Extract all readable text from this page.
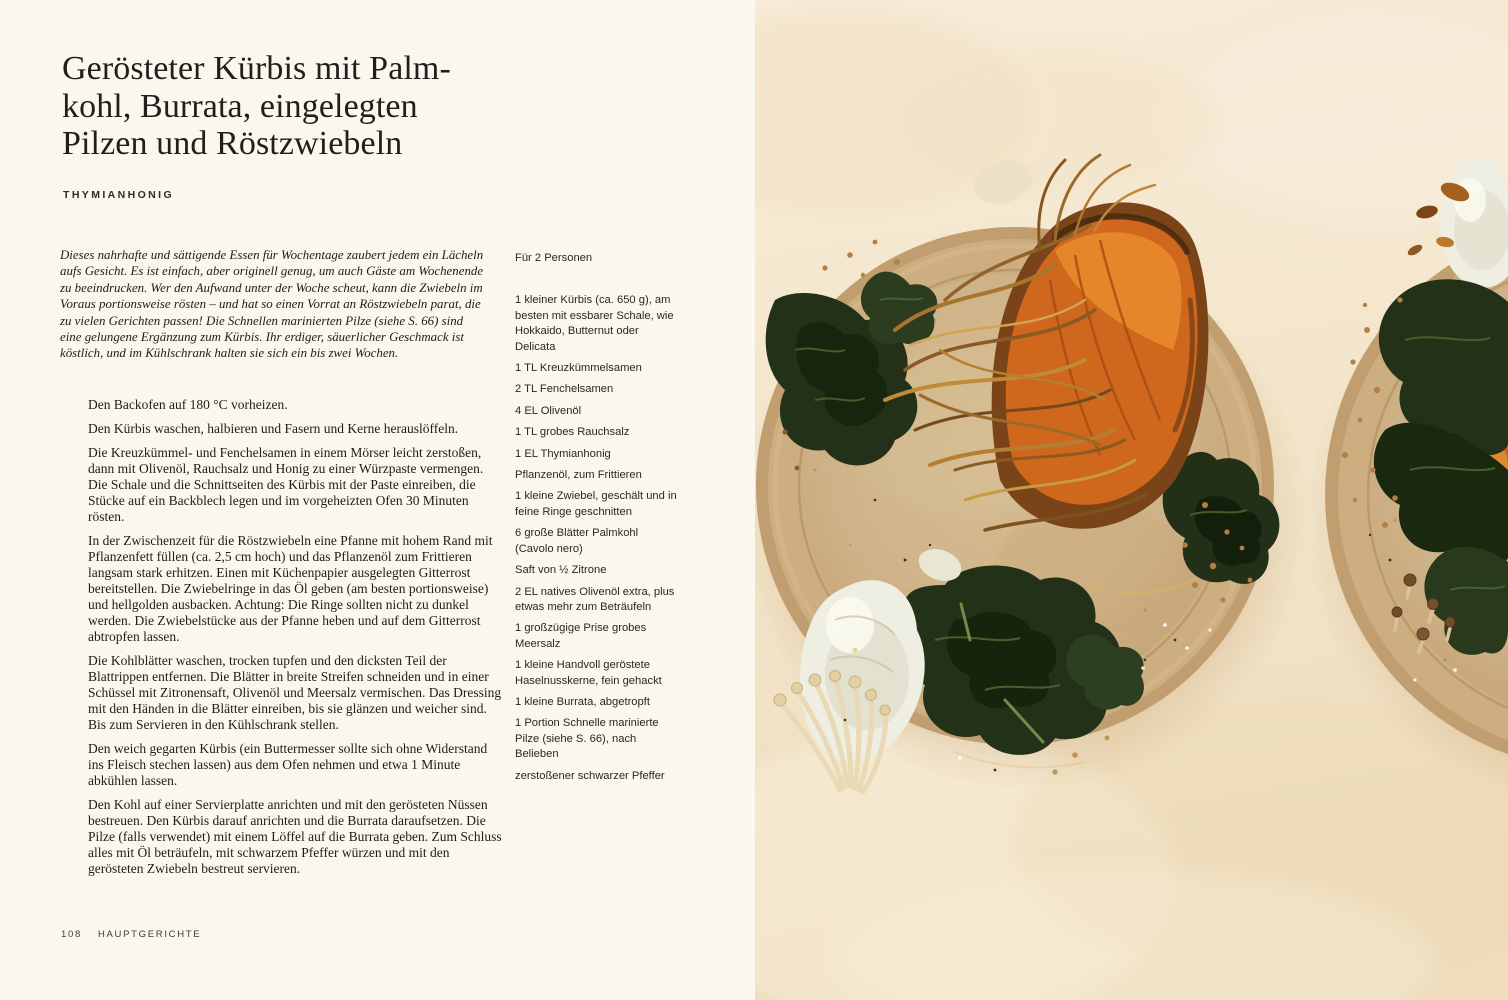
Gerösteter Kürbis mit Palm-
kohl, Burrata, eingelegten
Pilzen und Röstzwiebeln
THYMIANHONIG

Dieses nahrhafte und sättigende Essen für Wochentage zaubert jedem ein Lächeln aufs Gesicht. Es ist einfach, aber originell genug, um auch Gäste am Wochenende zu beeindrucken. Wer den Aufwand unter der Woche scheut, kann die Zwiebeln im Voraus portionsweise rösten – und hat so einen Vorrat an Röstzwiebeln parat, die zu vielen Gerichten passen! Die Schnellen marinierten Pilze (siehe S. 66) sind eine gelungene Ergänzung zum Kürbis. Ihr erdiger, säuerlicher Geschmack ist köstlich, und im Kühlschrank halten sie sich ein bis zwei Wochen.

Den Backofen auf 180 °C vorheizen.

Den Kürbis waschen, halbieren und Fasern und Kerne herauslöffeln.

Die Kreuzkümmel- und Fenchelsamen in einem Mörser leicht zerstoßen, dann mit Olivenöl, Rauchsalz und Honig zu einer Würzpaste vermengen. Die Schale und die Schnittseiten des Kürbis mit der Paste einreiben, die Stücke auf ein Backblech legen und im vorgeheizten Ofen 30 Minuten rösten.

In der Zwischenzeit für die Röstzwiebeln eine Pfanne mit hohem Rand mit Pflanzenfett füllen (ca. 2,5 cm hoch) und das Pflanzenöl zum Frittieren langsam stark erhitzen. Einen mit Küchenpapier ausgelegten Gitterrost bereitstellen. Die Zwiebelringe in das Öl geben (am besten portionsweise) und hellgolden ausbacken. Achtung: Die Ringe sollten nicht zu dunkel werden. Die Zwiebelstücke aus der Pfanne heben und auf dem Gitterrost abtropfen lassen.

Die Kohlblätter waschen, trocken tupfen und den dicksten Teil der Blattrippen entfernen. Die Blätter in breite Streifen schneiden und in einer Schüssel mit Zitronensaft, Olivenöl und Meersalz vermischen. Das Dressing mit den Händen in die Blätter einreiben, bis sie glänzen und weicher sind. Bis zum Servieren in den Kühlschrank stellen.

Den weich gegarten Kürbis (ein Buttermesser sollte sich ohne Widerstand ins Fleisch stechen lassen) aus dem Ofen nehmen und etwa 1 Minute abkühlen lassen.

Den Kohl auf einer Servierplatte anrichten und mit den gerösteten Nüssen bestreuen. Den Kürbis darauf anrichten und die Burrata daraufsetzen. Die Pilze (falls verwendet) mit einem Löffel auf die Burrata geben. Zum Schluss alles mit Öl beträufeln, mit schwarzem Pfeffer würzen und mit den gerösteten Zwiebeln bestreut servieren.

Für 2 Personen

1 kleiner Kürbis (ca. 650 g), am besten mit essbarer Schale, wie Hokkaido, Butternut oder Delicata

1 TL Kreuzkümmelsamen

2 TL Fenchelsamen

4 EL Olivenöl

1 TL grobes Rauchsalz

1 EL Thymianhonig

Pflanzenöl, zum Frittieren

1 kleine Zwiebel, geschält und in feine Ringe geschnitten

6 große Blätter Palmkohl (Cavolo nero)

Saft von ½ Zitrone

2 EL natives Olivenöl extra, plus etwas mehr zum Beträufeln

1 großzügige Prise grobes Meersalz

1 kleine Handvoll geröstete Haselnusskerne, fein gehackt

1 kleine Burrata, abgetropft

1 Portion Schnelle marinierte Pilze (siehe S. 66), nach Belieben

zerstoßener schwarzer Pfeffer

108 HAUPTGERICHTE
